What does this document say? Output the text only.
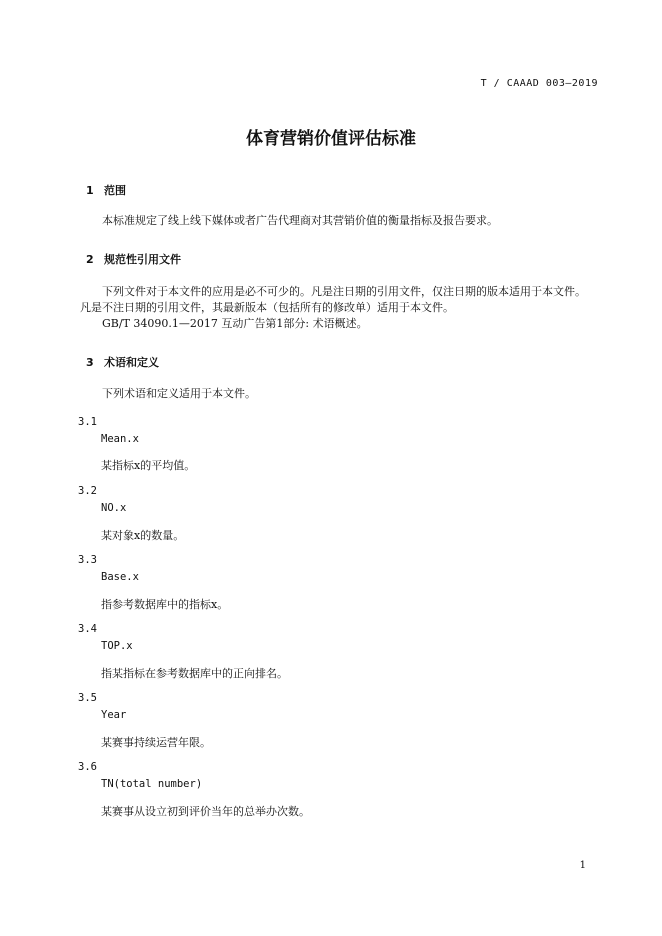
T / CAAAD 003—2019
体育营销价值评估标准
1 范围
本标准规定了线上线下媒体或者广告代理商对其营销价值的衡量指标及报告要求。
2 规范性引用文件
下列文件对于本文件的应用是必不可少的。凡是注日期的引用文件，仅注日期的版本适用于本文件。
凡是不注日期的引用文件，其最新版本（包括所有的修改单）适用于本文件。
GB/T 34090.1—2017 互动广告第1部分: 术语概述。
3 术语和定义
下列术语和定义适用于本文件。
3.1
Mean.x
某指标x的平均值。
3.2
NO.x
某对象x的数量。
3.3
Base.x
指参考数据库中的指标x。
3.4
TOP.x
指某指标在参考数据库中的正向排名。
3.5
Year
某赛事持续运营年限。
3.6
TN(total number)
某赛事从设立初到评价当年的总举办次数。
1
